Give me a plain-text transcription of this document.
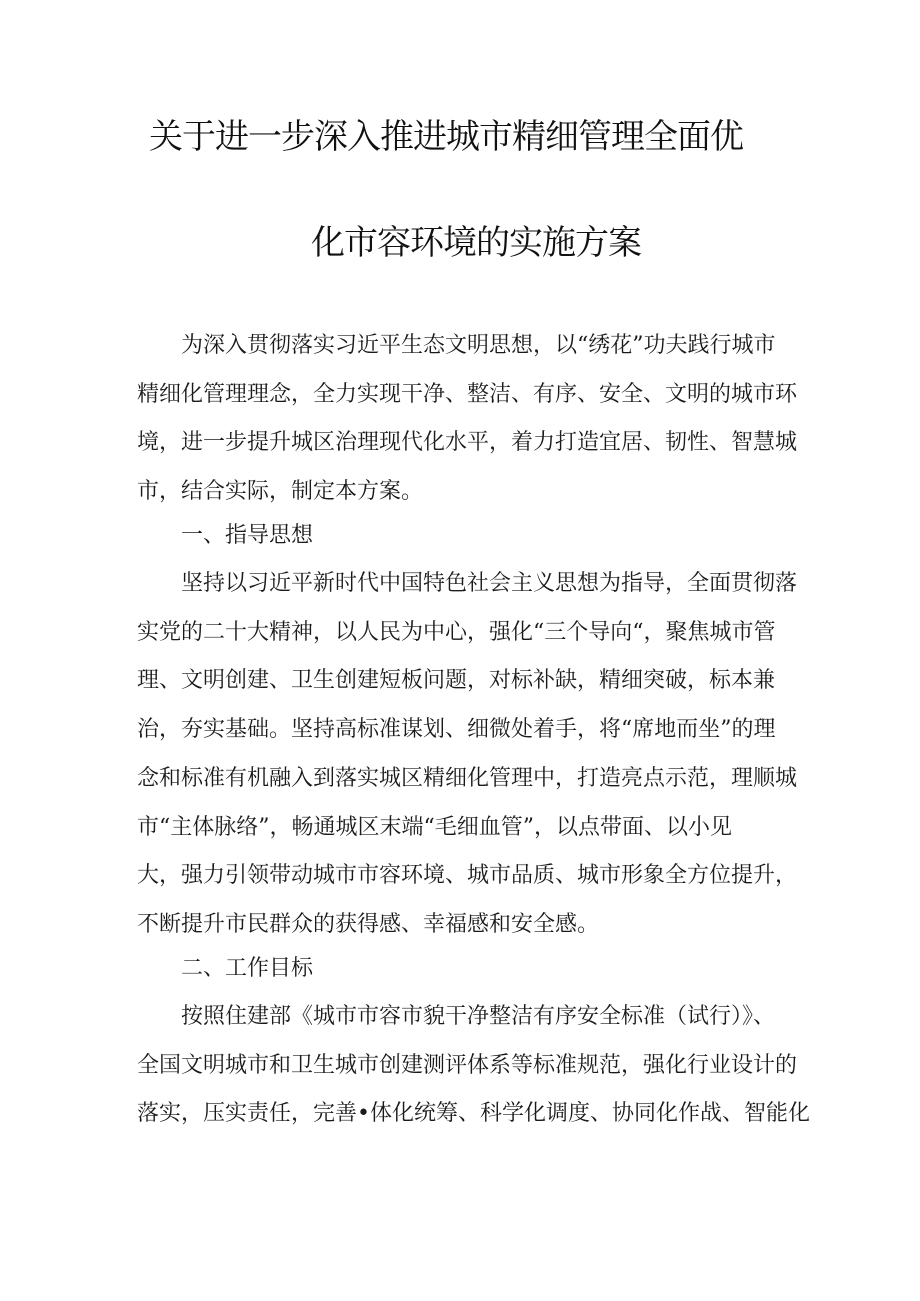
关于进一步深入推进城市精细管理全面优
化市容环境的实施方案
为深入贯彻落实习近平生态文明思想，以“绣花”功夫践行城市
精细化管理理念，全力实现干净、整洁、有序、安全、文明的城市环
境，进一步提升城区治理现代化水平，着力打造宜居、韧性、智慧城
市，结合实际，制定本方案。
一、指导思想
坚持以习近平新时代中国特色社会主义思想为指导，全面贯彻落
实党的二十大精神，以人民为中心，强化“三个导向“，聚焦城市管
理、文明创建、卫生创建短板问题，对标补缺，精细突破，标本兼
治，夯实基础。坚持高标准谋划、细微处着手，将“席地而坐”的理
念和标准有机融入到落实城区精细化管理中，打造亮点示范，理顺城
市“主体脉络”，畅通城区末端“毛细血管”，以点带面、以小见
大，强力引领带动城市市容环境、城市品质、城市形象全方位提升，
不断提升市民群众的获得感、幸福感和安全感。
二、工作目标
按照住建部《城市市容市貌干净整洁有序安全标准（试行）》、
全国文明城市和卫生城市创建测评体系等标准规范，强化行业设计的
落实，压实责任，完善•体化统筹、科学化调度、协同化作战、智能化
